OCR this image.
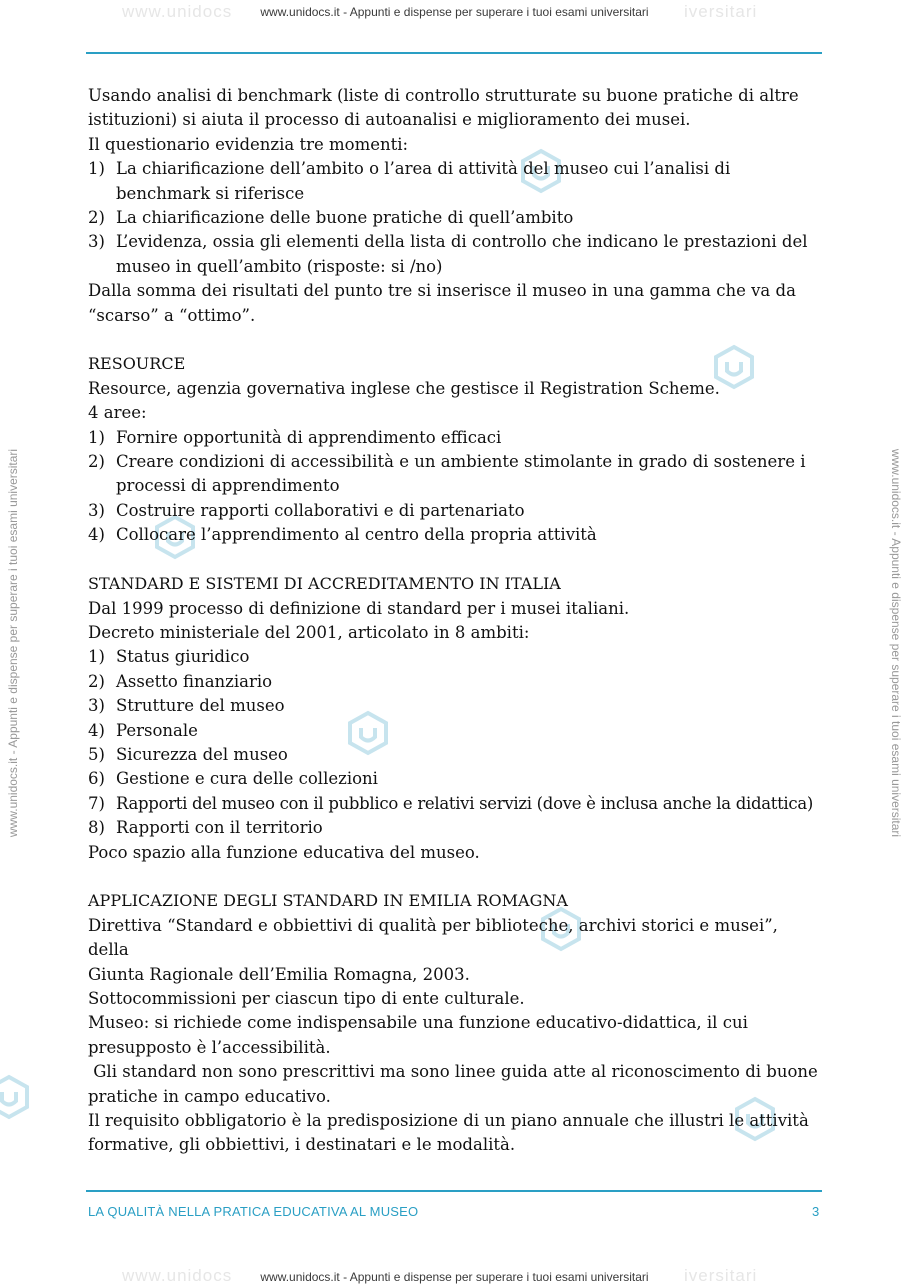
www.unidocs	iversitari
www.unidocs.it - Appunti e dispense per superare i tuoi esami universitari
www.unidocs.it - Appunti e dispense per superare i tuoi esami universitari	www.unidocs.it - Appunti e dispense per superare i tuoi esami universitari

Usando analisi di benchmark (liste di controllo strutturate su buone pratiche di altre

istituzioni) si aiuta il processo di autoanalisi e miglioramento dei musei.

Il questionario evidenzia tre momenti:

1) La chiarificazione dell’ambito o l’area di attività del museo cui l’analisi di benchmark si riferisce
2) La chiarificazione delle buone pratiche di quell’ambito
3) L’evidenza, ossia gli elementi della lista di controllo che indicano le prestazioni del museo in quell’ambito (risposte: si /no)

Dalla somma dei risultati del punto tre si inserisce il museo in una gamma che va da

“scarso” a “ottimo”.

RESOURCE

Resource, agenzia governativa inglese che gestisce il Registration Scheme.

4 aree:

1) Fornire opportunità di apprendimento efficaci
2) Creare condizioni di accessibilità e un ambiente stimolante in grado di sostenere i processi di apprendimento
3) Costruire rapporti collaborativi e di partenariato
4) Collocare l’apprendimento al centro della propria attività

STANDARD E SISTEMI DI ACCREDITAMENTO IN ITALIA

Dal 1999 processo di definizione di standard per i musei italiani.

Decreto ministeriale del 2001, articolato in 8 ambiti:

1) Status giuridico
2) Assetto finanziario
3) Strutture del museo
4) Personale
5) Sicurezza del museo
6) Gestione e cura delle collezioni
7) Rapporti del museo con il pubblico e relativi servizi (dove è inclusa anche la didattica)
8) Rapporti con il territorio

Poco spazio alla funzione educativa del museo.

APPLICAZIONE DEGLI STANDARD IN EMILIA ROMAGNA

Direttiva “Standard e obbiettivi di qualità per biblioteche, archivi storici e musei”, della

Giunta Ragionale dell’Emilia Romagna, 2003.

Sottocommissioni per ciascun tipo di ente culturale.

Museo: si richiede come indispensabile una funzione educativo-didattica, il cui

presupposto è l’accessibilità.

Gli standard non sono prescrittivi ma sono linee guida atte al riconoscimento di buone

pratiche in campo educativo.

Il requisito obbligatorio è la predisposizione di un piano annuale che illustri le attività

formative, gli obbiettivi, i destinatari e le modalità.

LA QUALITÀ NELLA PRATICA EDUCATIVA AL MUSEO	3
www.unidocs	iversitari
www.unidocs.it - Appunti e dispense per superare i tuoi esami universitari
